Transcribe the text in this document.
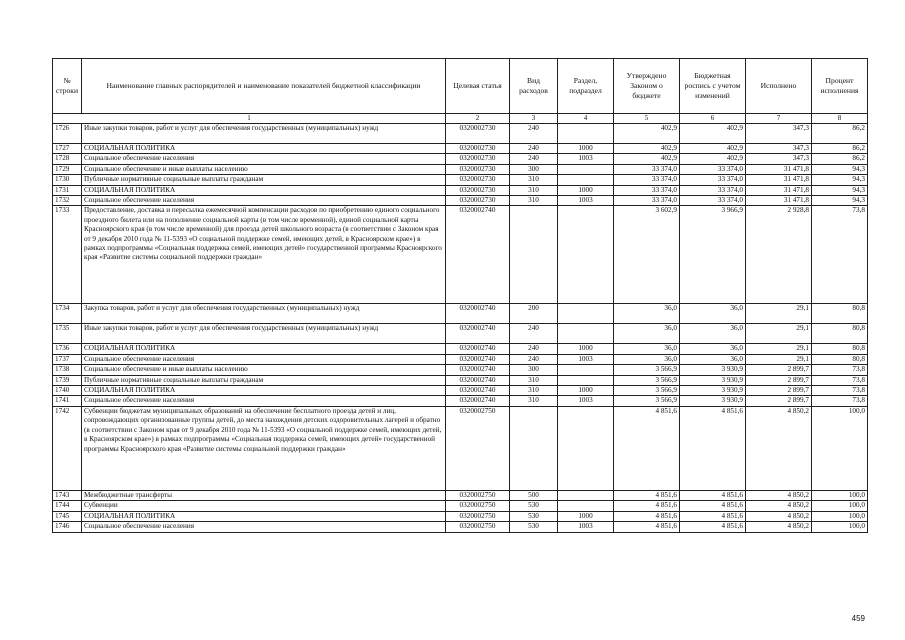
№ строки	Наименование главных распорядителей и наименование показателей бюджетной классификации	Целевая статья	Вид расходов	Раздел, подраздел	Утверждено Законом о бюджете	Бюджетная роспись с учетом изменений	Исполнено	Процент исполнения
1		2	3	4	5	6	7	8
1726	Иные закупки товаров, работ и услуг для обеспечения государственных (муниципальных) нужд	0320002730	240		402,9	402,9	347,3	86,2
1727	СОЦИАЛЬНАЯ ПОЛИТИКА	0320002730	240	1000	402,9	402,9	347,3	86,2
1728	Социальное обеспечение населения	0320002730	240	1003	402,9	402,9	347,3	86,2
1729	Социальное обеспечение и иные выплаты населению	0320002730	300		33 374,0	33 374,0	31 471,8	94,3
1730	Публичные нормативные социальные выплаты гражданам	0320002730	310		33 374,0	33 374,0	31 471,8	94,3
1731	СОЦИАЛЬНАЯ ПОЛИТИКА	0320002730	310	1000	33 374,0	33 374,0	31 471,8	94,3
1732	Социальное обеспечение населения	0320002730	310	1003	33 374,0	33 374,0	31 471,8	94,3
1733	Предоставление, доставка и пересылка ежемесячной компенсации расходов по приобретению единого социального проездного билета или на пополнение социальной карты (в том числе временной), единой социальной карты Красноярского края (в том числе временной) для проезда детей школьного возраста (в соответствии с Законом края от 9 декабря 2010 года № 11-5393 «О социальной поддержке семей, имеющих детей, в Красноярском крае») в рамках подпрограммы «Социальная поддержка семей, имеющих детей» государственной программы Красноярского края «Развитие системы социальной поддержки граждан»	0320002740			3 602,9	3 966,9	2 928,8	73,8
1734	Закупка товаров, работ и услуг для обеспечения государственных (муниципальных) нужд	0320002740	200		36,0	36,0	29,1	80,8
1735	Иные закупки товаров, работ и услуг для обеспечения государственных (муниципальных) нужд	0320002740	240		36,0	36,0	29,1	80,8
1736	СОЦИАЛЬНАЯ ПОЛИТИКА	0320002740	240	1000	36,0	36,0	29,1	80,8
1737	Социальное обеспечение населения	0320002740	240	1003	36,0	36,0	29,1	80,8
1738	Социальное обеспечение и иные выплаты населению	0320002740	300		3 566,9	3 930,9	2 899,7	73,8
1739	Публичные нормативные социальные выплаты гражданам	0320002740	310		3 566,9	3 930,9	2 899,7	73,8
1740	СОЦИАЛЬНАЯ ПОЛИТИКА	0320002740	310	1000	3 566,9	3 930,9	2 899,7	73,8
1741	Социальное обеспечение населения	0320002740	310	1003	3 566,9	3 930,9	2 899,7	73,8
1742	Субвенции бюджетам муниципальных образований на обеспечение бесплатного проезда детей и лиц, сопровождающих организованные группы детей, до места нахождения детских оздоровительных лагерей и обратно (в соответствии с Законом края от 9 декабря 2010 года № 11-5393 «О социальной поддержке семей, имеющих детей, в Красноярском крае») в рамках подпрограммы «Социальная поддержка семей, имеющих детей» государственной программы Красноярского края «Развитие системы социальной поддержки граждан»	0320002750			4 851,6	4 851,6	4 850,2	100,0
1743	Межбюджетные трансферты	0320002750	500		4 851,6	4 851,6	4 850,2	100,0
1744	Субвенции	0320002750	530		4 851,6	4 851,6	4 850,2	100,0
1745	СОЦИАЛЬНАЯ ПОЛИТИКА	0320002750	530	1000	4 851,6	4 851,6	4 850,2	100,0
1746	Социальное обеспечение населения	0320002750	530	1003	4 851,6	4 851,6	4 850,2	100,0
459
